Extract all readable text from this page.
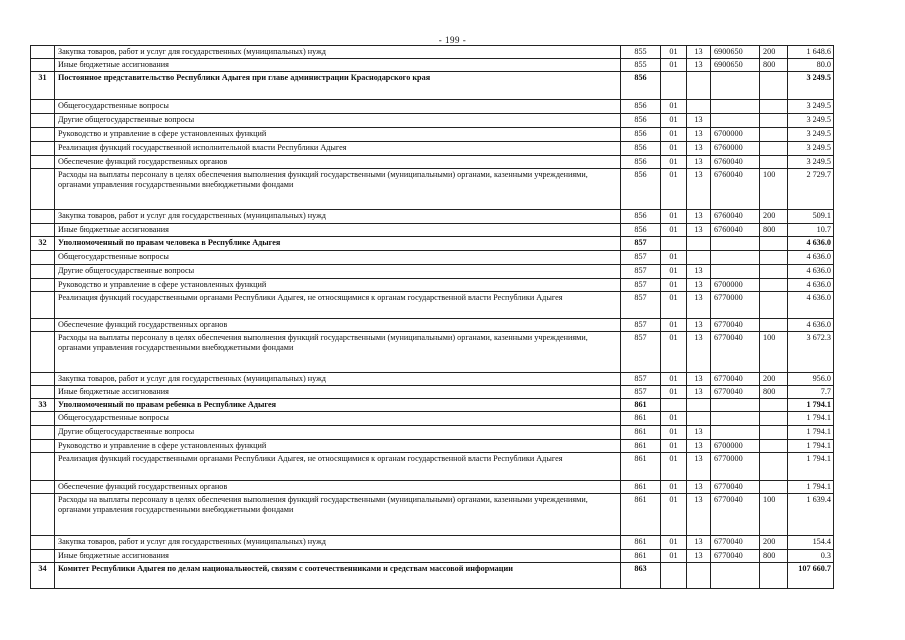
- 199 -
	Закупка товаров, работ и услуг для государственных (муниципальных) нужд	855	01	13	6900650	200	1 648.6
	Иные бюджетные ассигнования	855	01	13	6900650	800	80.0
31	Постоянное представительство Республики Адыгея при главе администрации Краснодарского края	856					3 249.5
	Общегосударственные вопросы	856	01				3 249.5
	Другие общегосударственные вопросы	856	01	13			3 249.5
	Руководство и управление в сфере установленных функций	856	01	13	6700000		3 249.5
	Реализация функций государственной исполнительной власти Республики Адыгея	856	01	13	6760000		3 249.5
	Обеспечение функций государственных органов	856	01	13	6760040		3 249.5
	Расходы на выплаты персоналу в целях обеспечения выполнения функций государственными (муниципальными) органами, казенными учреждениями, органами управления государственными внебюджетными фондами	856	01	13	6760040	100	2 729.7
	Закупка товаров, работ и услуг для государственных (муниципальных) нужд	856	01	13	6760040	200	509.1
	Иные бюджетные ассигнования	856	01	13	6760040	800	10.7
32	Уполномоченный по правам человека в Республике Адыгея	857					4 636.0
	Общегосударственные вопросы	857	01				4 636.0
	Другие общегосударственные вопросы	857	01	13			4 636.0
	Руководство и управление в сфере установленных функций	857	01	13	6700000		4 636.0
	Реализация функций государственными органами Республики Адыгея, не относящимися к органам государственной власти Республики Адыгея	857	01	13	6770000		4 636.0
	Обеспечение функций государственных органов	857	01	13	6770040		4 636.0
	Расходы на выплаты персоналу в целях обеспечения выполнения функций государственными (муниципальными) органами, казенными учреждениями, органами управления государственными внебюджетными фондами	857	01	13	6770040	100	3 672.3
	Закупка товаров, работ и услуг для государственных (муниципальных) нужд	857	01	13	6770040	200	956.0
	Иные бюджетные ассигнования	857	01	13	6770040	800	7.7
33	Уполномоченный по правам ребенка в Республике Адыгея	861					1 794.1
	Общегосударственные вопросы	861	01				1 794.1
	Другие общегосударственные вопросы	861	01	13			1 794.1
	Руководство и управление в сфере установленных функций	861	01	13	6700000		1 794.1
	Реализация функций государственными органами Республики Адыгея, не относящимися к органам государственной власти Республики Адыгея	861	01	13	6770000		1 794.1
	Обеспечение функций государственных органов	861	01	13	6770040		1 794.1
	Расходы на выплаты персоналу в целях обеспечения выполнения функций государственными (муниципальными) органами, казенными учреждениями, органами управления государственными внебюджетными фондами	861	01	13	6770040	100	1 639.4
	Закупка товаров, работ и услуг для государственных (муниципальных) нужд	861	01	13	6770040	200	154.4
	Иные бюджетные ассигнования	861	01	13	6770040	800	0.3
34	Комитет Республики Адыгея по делам национальностей, связям с соотечественниками и средствам массовой информации	863					107 660.7
